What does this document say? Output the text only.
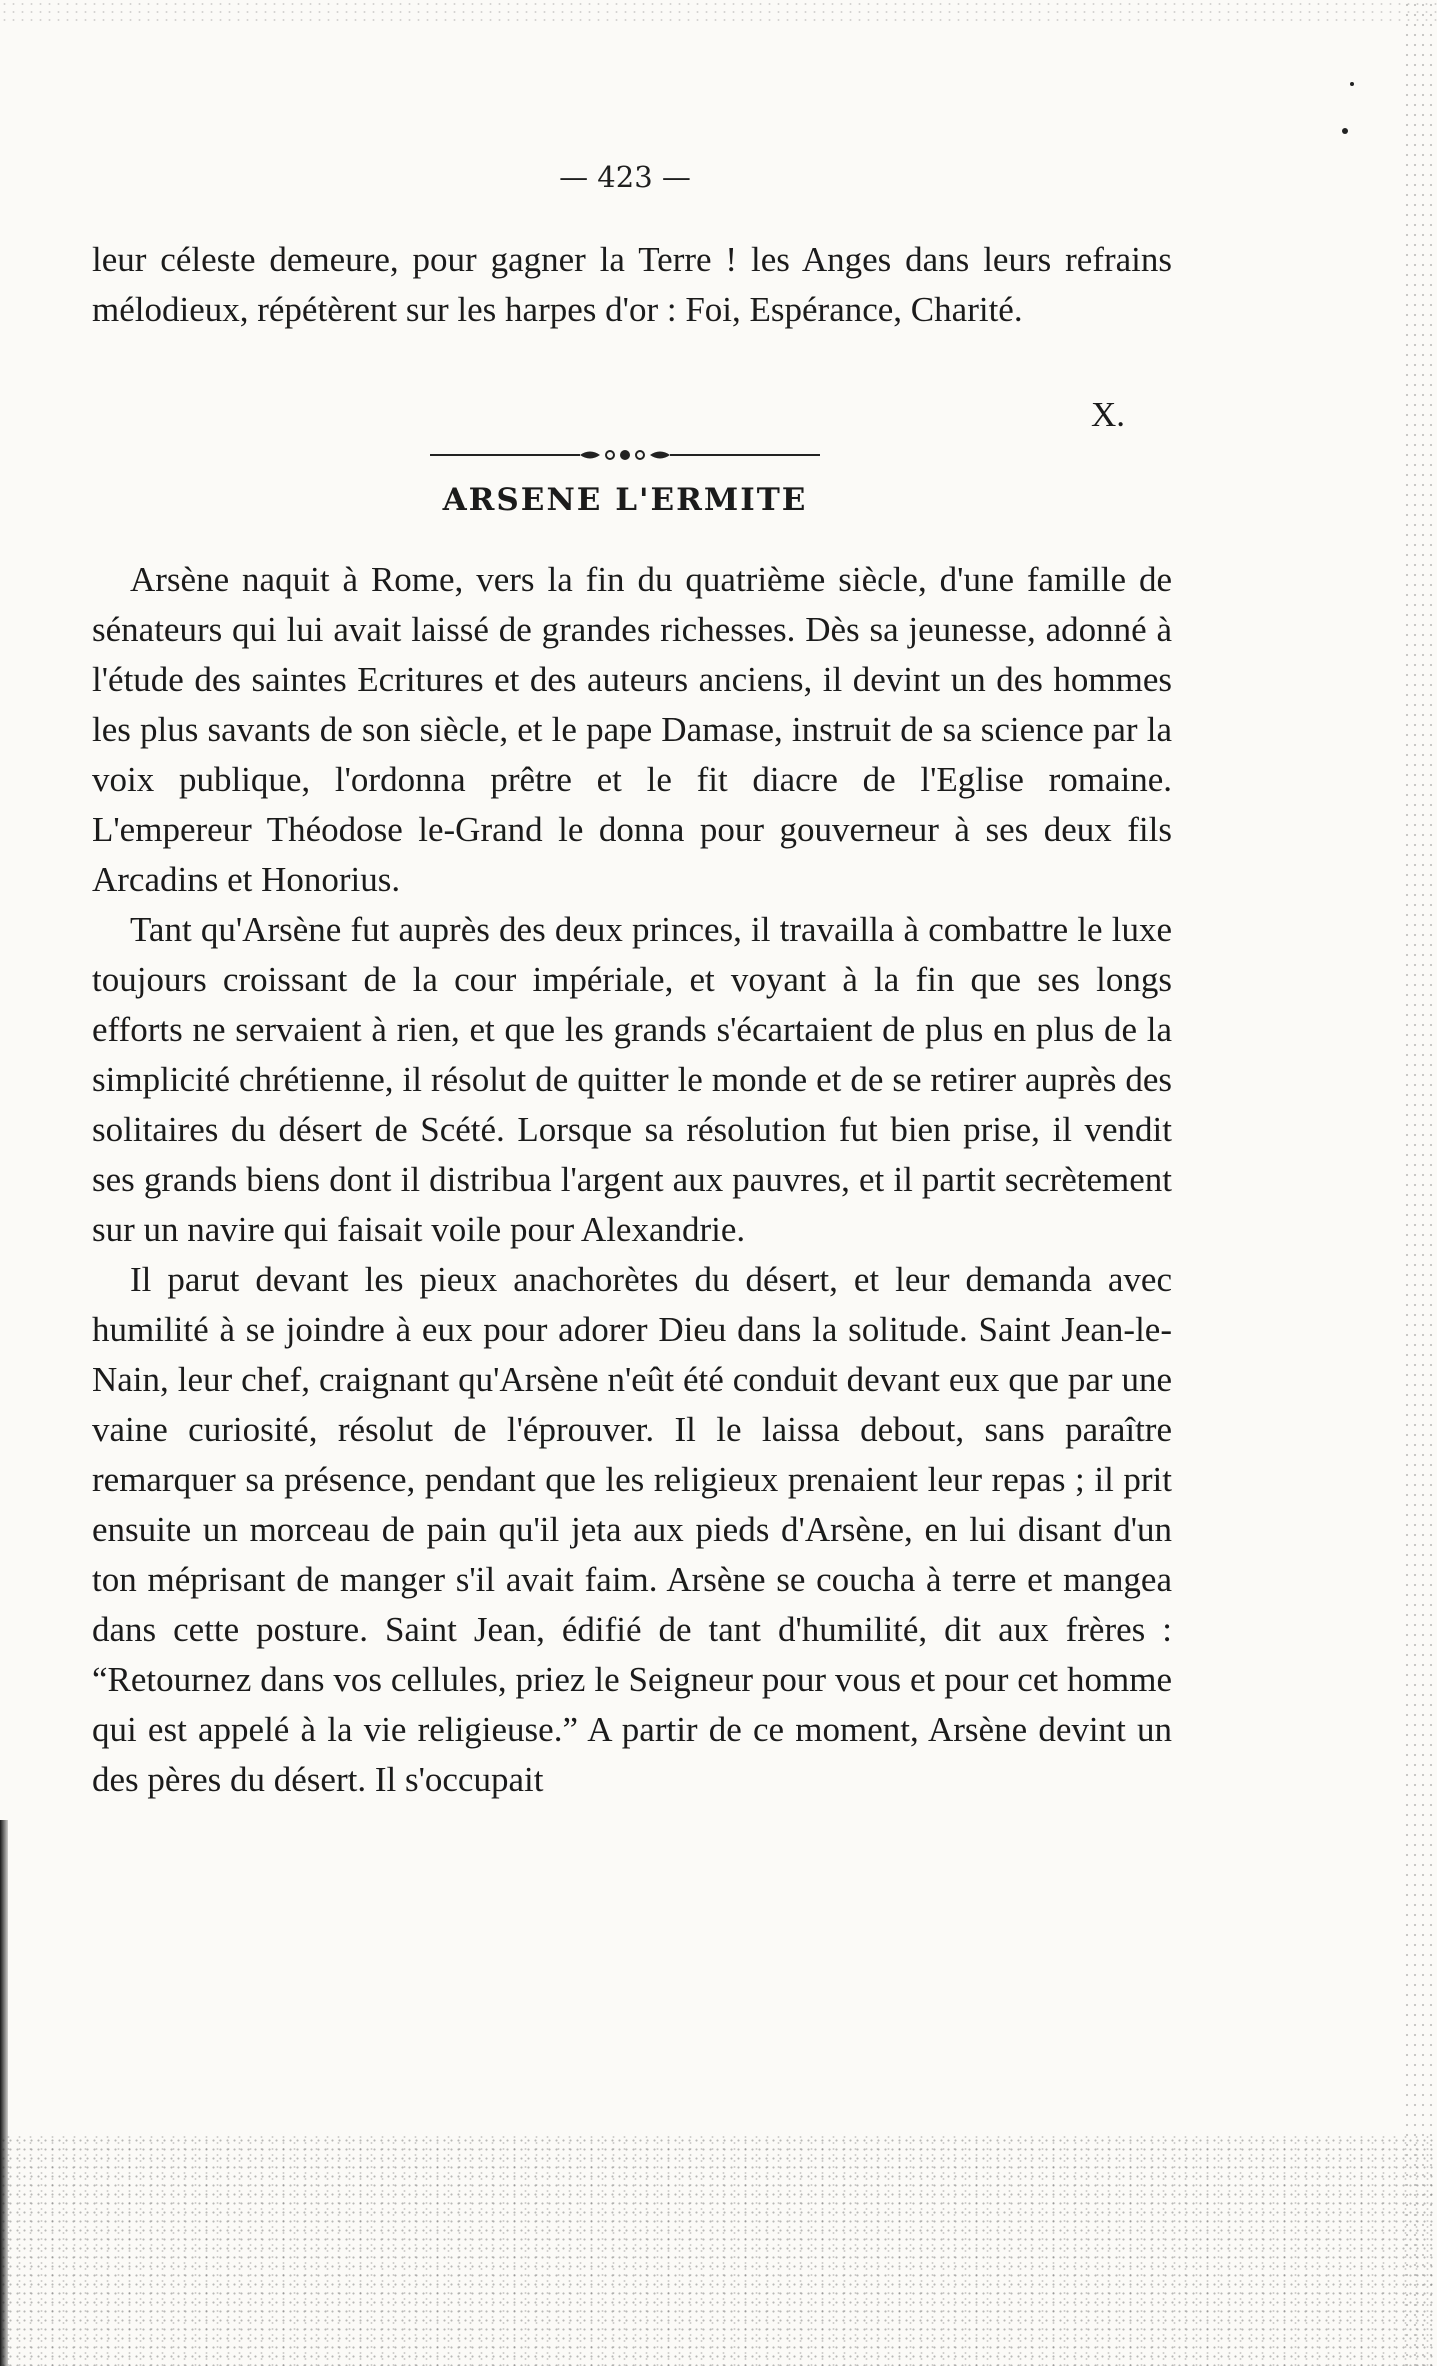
— 423 —

leur céleste demeure, pour gagner la Terre ! les Anges dans leurs refrains mélodieux, répétèrent sur les harpes d'or : Foi, Espérance, Charité.

X.
ARSENE L'ERMITE

Arsène naquit à Rome, vers la fin du quatrième siècle, d'une famille de sénateurs qui lui avait laissé de grandes richesses. Dès sa jeunesse, adonné à l'étude des saintes Ecritures et des auteurs anciens, il devint un des hommes les plus savants de son siècle, et le pape Damase, instruit de sa science par la voix publique, l'ordonna prêtre et le fit diacre de l'Eglise romaine. L'empereur Théodose le-Grand le donna pour gouverneur à ses deux fils Arcadins et Honorius.

Tant qu'Arsène fut auprès des deux princes, il travailla à combattre le luxe toujours croissant de la cour impériale, et voyant à la fin que ses longs efforts ne servaient à rien, et que les grands s'écartaient de plus en plus de la simplicité chrétienne, il résolut de quitter le monde et de se retirer auprès des solitaires du désert de Scété. Lorsque sa résolution fut bien prise, il vendit ses grands biens dont il distribua l'argent aux pauvres, et il partit secrètement sur un navire qui faisait voile pour Alexandrie.

Il parut devant les pieux anachorètes du désert, et leur demanda avec humilité à se joindre à eux pour adorer Dieu dans la solitude. Saint Jean-le-Nain, leur chef, craignant qu'Arsène n'eût été conduit devant eux que par une vaine curiosité, résolut de l'éprouver. Il le laissa debout, sans paraître remarquer sa présence, pendant que les religieux prenaient leur repas ; il prit ensuite un morceau de pain qu'il jeta aux pieds d'Arsène, en lui disant d'un ton méprisant de manger s'il avait faim. Arsène se coucha à terre et mangea dans cette posture. Saint Jean, édifié de tant d'humilité, dit aux frères : “Retournez dans vos cellules, priez le Seigneur pour vous et pour cet homme qui est appelé à la vie religieuse.” A partir de ce moment, Arsène devint un des pères du désert. Il s'occupait
